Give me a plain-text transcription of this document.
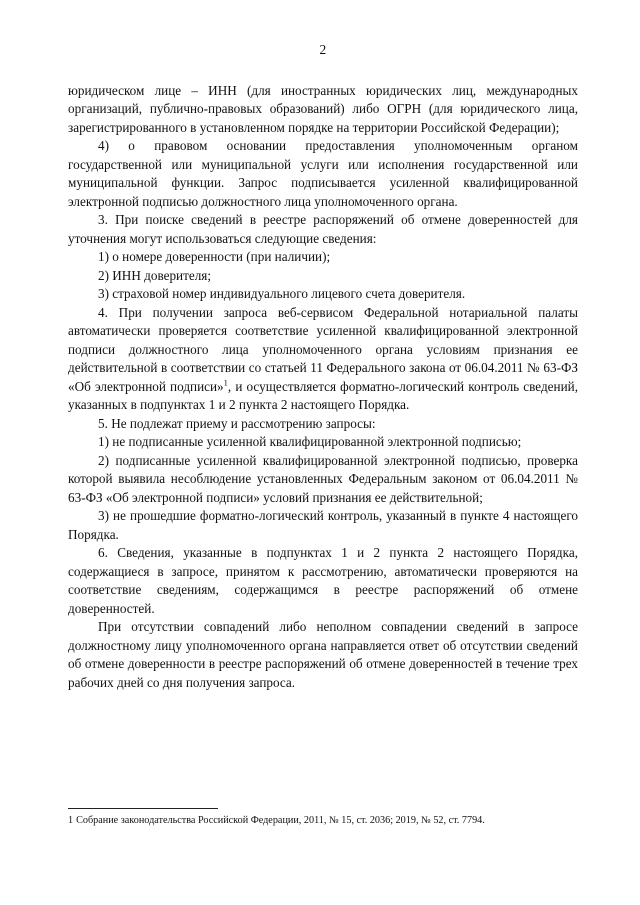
2

юридическом лице – ИНН (для иностранных юридических лиц, международных организаций, публично-правовых образований) либо ОГРН (для юридического лица, зарегистрированного в установленном порядке на территории Российской Федерации);

4) о правовом основании предоставления уполномоченным органом государственной или муниципальной услуги или исполнения государственной или муниципальной функции. Запрос подписывается усиленной квалифицированной электронной подписью должностного лица уполномоченного органа.

3. При поиске сведений в реестре распоряжений об отмене доверенностей для уточнения могут использоваться следующие сведения:

1) о номере доверенности (при наличии);

2) ИНН доверителя;

3) страховой номер индивидуального лицевого счета доверителя.

4. При получении запроса веб-сервисом Федеральной нотариальной палаты автоматически проверяется соответствие усиленной квалифицированной электронной подписи должностного лица уполномоченного органа условиям признания ее действительной в соответствии со статьей 11 Федерального закона от 06.04.2011 № 63-ФЗ «Об электронной подписи»$^1$, и осуществляется форматно-логический контроль сведений, указанных в подпунктах 1 и 2 пункта 2 настоящего Порядка.

5. Не подлежат приему и рассмотрению запросы:

1) не подписанные усиленной квалифицированной электронной подписью;

2) подписанные усиленной квалифицированной электронной подписью, проверка которой выявила несоблюдение установленных Федеральным законом от 06.04.2011 № 63-ФЗ «Об электронной подписи» условий признания ее действительной;

3) не прошедшие форматно-логический контроль, указанный в пункте 4 настоящего Порядка.

6. Сведения, указанные в подпунктах 1 и 2 пункта 2 настоящего Порядка, содержащиеся в запросе, принятом к рассмотрению, автоматически проверяются на соответствие сведениям, содержащимся в реестре распоряжений об отмене доверенностей.

При отсутствии совпадений либо неполном совпадении сведений в запросе должностному лицу уполномоченного органа направляется ответ об отсутствии сведений об отмене доверенности в реестре распоряжений об отмене доверенностей в течение трех рабочих дней со дня получения запроса.

1 Собрание законодательства Российской Федерации, 2011, № 15, ст. 2036; 2019, № 52, ст. 7794.
